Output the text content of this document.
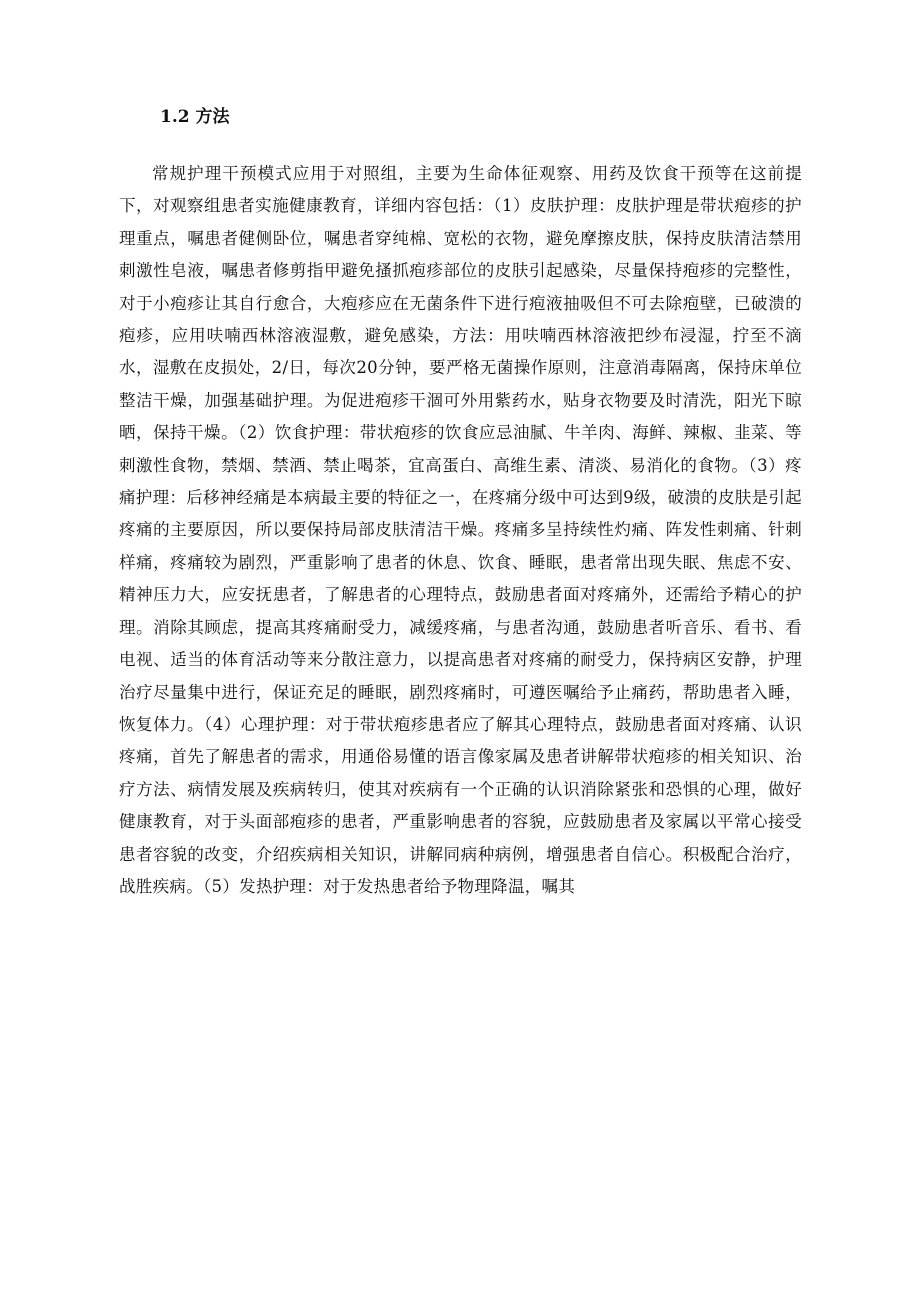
1.2 方法

常规护理干预模式应用于对照组，主要为生命体征观察、用药及饮食干预等在这前提下，对观察组患者实施健康教育，详细内容包括：（1）皮肤护理：皮肤护理是带状疱疹的护理重点，嘱患者健侧卧位，嘱患者穿纯棉、宽松的衣物，避免摩擦皮肤，保持皮肤清洁禁用刺激性皂液，嘱患者修剪指甲避免搔抓疱疹部位的皮肤引起感染，尽量保持疱疹的完整性，对于小疱疹让其自行愈合，大疱疹应在无菌条件下进行疱液抽吸但不可去除疱壁，已破溃的疱疹，应用呋喃西林溶液湿敷，避免感染，方法：用呋喃西林溶液把纱布浸湿，拧至不滴水，湿敷在皮损处，2/日，每次20分钟，要严格无菌操作原则，注意消毒隔离，保持床单位整洁干燥，加强基础护理。为促进疱疹干涸可外用紫药水，贴身衣物要及时清洗，阳光下晾晒，保持干燥。（2）饮食护理：带状疱疹的饮食应忌油腻、牛羊肉、海鲜、辣椒、韭菜、等刺激性食物，禁烟、禁酒、禁止喝茶，宜高蛋白、高维生素、清淡、易消化的食物。（3）疼痛护理：后移神经痛是本病最主要的特征之一，在疼痛分级中可达到9级，破溃的皮肤是引起疼痛的主要原因，所以要保持局部皮肤清洁干燥。疼痛多呈持续性灼痛、阵发性刺痛、针刺样痛，疼痛较为剧烈，严重影响了患者的休息、饮食、睡眠，患者常出现失眠、焦虑不安、精神压力大，应安抚患者，了解患者的心理特点，鼓励患者面对疼痛外，还需给予精心的护理。消除其顾虑，提高其疼痛耐受力，减缓疼痛，与患者沟通，鼓励患者听音乐、看书、看电视、适当的体育活动等来分散注意力，以提高患者对疼痛的耐受力，保持病区安静，护理治疗尽量集中进行，保证充足的睡眠，剧烈疼痛时，可遵医嘱给予止痛药，帮助患者入睡，恢复体力。（4）心理护理：对于带状疱疹患者应了解其心理特点，鼓励患者面对疼痛、认识疼痛，首先了解患者的需求，用通俗易懂的语言像家属及患者讲解带状疱疹的相关知识、治疗方法、病情发展及疾病转归，使其对疾病有一个正确的认识消除紧张和恐惧的心理，做好健康教育，对于头面部疱疹的患者，严重影响患者的容貌，应鼓励患者及家属以平常心接受患者容貌的改变，介绍疾病相关知识，讲解同病种病例，增强患者自信心。积极配合治疗，战胜疾病。（5）发热护理：对于发热患者给予物理降温，嘱其
